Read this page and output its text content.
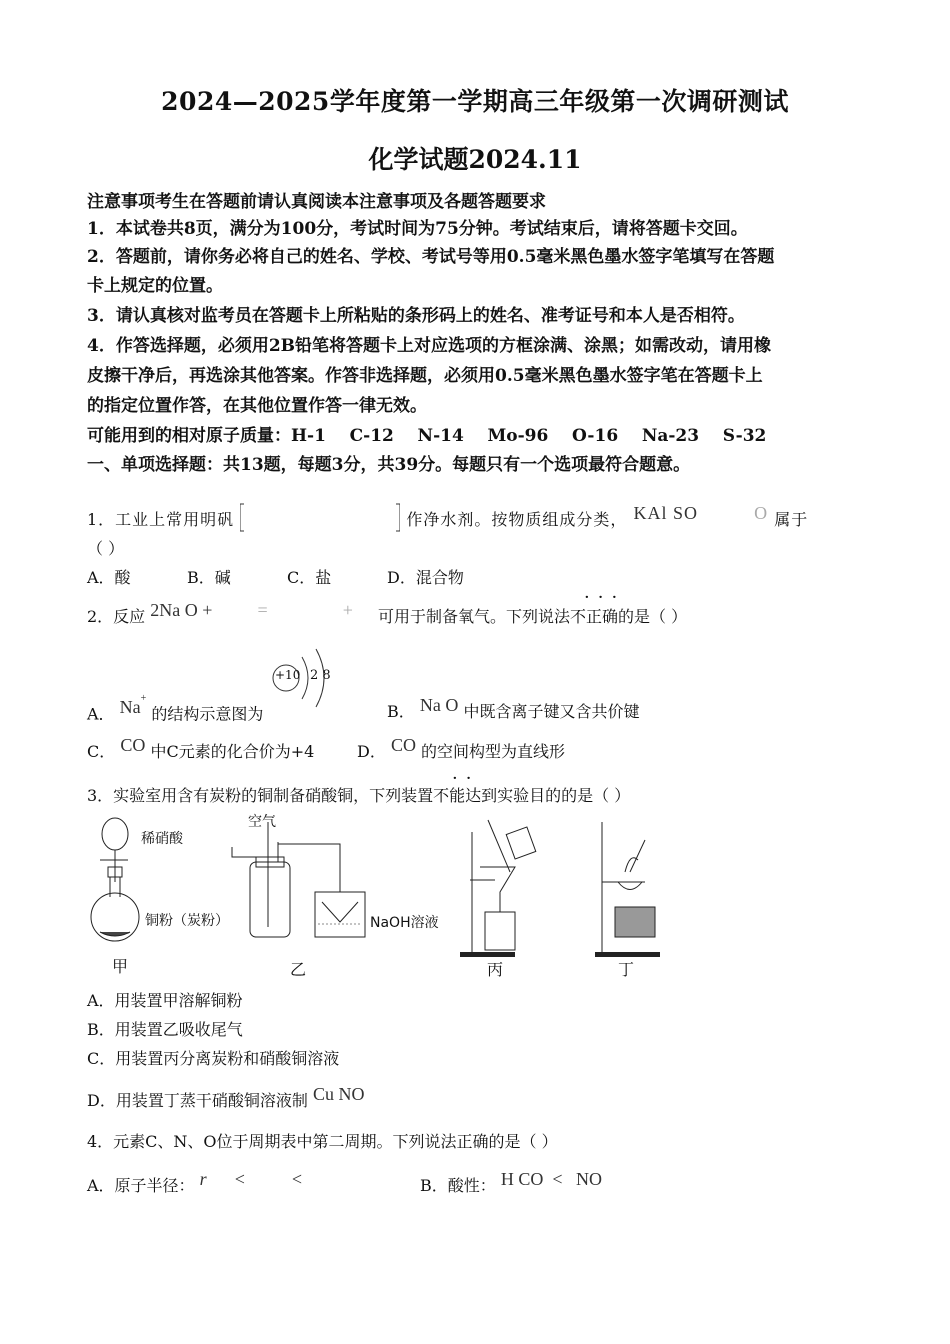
2024—2025学年度第一学期高三年级第一次调研测试
化学试题2024.11
注意事项考生在答题前请认真阅读本注意事项及各题答题要求
1．本试卷共8页，满分为100分，考试时间为75分钟。考试结束后，请将答题卡交回。
2．答题前，请你务必将自己的姓名、学校、考试号等用0.5毫米黑色墨水签字笔填写在答题
卡上规定的位置。
3．请认真核对监考员在答题卡上所粘贴的条形码上的姓名、准考证号和本人是否相符。
4．作答选择题，必须用2B铅笔将答题卡上对应选项的方框涂满、涂黑；如需改动，请用橡
皮擦干净后，再选涂其他答案。作答非选择题，必须用0.5毫米黑色墨水签字笔在答题卡上
的指定位置作答，在其他位置作答一律无效。
可能用到的相对原子质量：H-1    C-12    N-14    Mo-96    O-16    Na-23    S-32
一、单项选择题：共13题，每题3分，共39分。每题只有一个选项最符合题意。
1．工业上常用明矾	作净水剂。按物质组成分类， KAl SO	O 属于
（ ）
A．酸	B．碱	C．盐	D．混合物
···
2．反应 2Na O +	=	+ 可用于制备氧气。下列说法不正确的是（ ）
+10 2 8
A． Na+ 的结构示意图为	B． Na O 中既含离子键又含共价键
C． CO 中C元素的化合价为+4	D． CO 的空间构型为直线形
··
3．实验室用含有炭粉的铜制备硝酸铜，下列装置不能达到实验目的的是（ ）
稀硝酸
铜粉（炭粉）
空气
NaOH溶液
甲	乙	丙	丁
A．用装置甲溶解铜粉
B．用装置乙吸收尾气
C．用装置丙分离炭粉和硝酸铜溶液
D．用装置丁蒸干硝酸铜溶液制 Cu NO
4．元素C、N、O位于周期表中第二周期。下列说法正确的是（ ）
A．原子半径： r      <          <	B．酸性： H CO  <   NO
